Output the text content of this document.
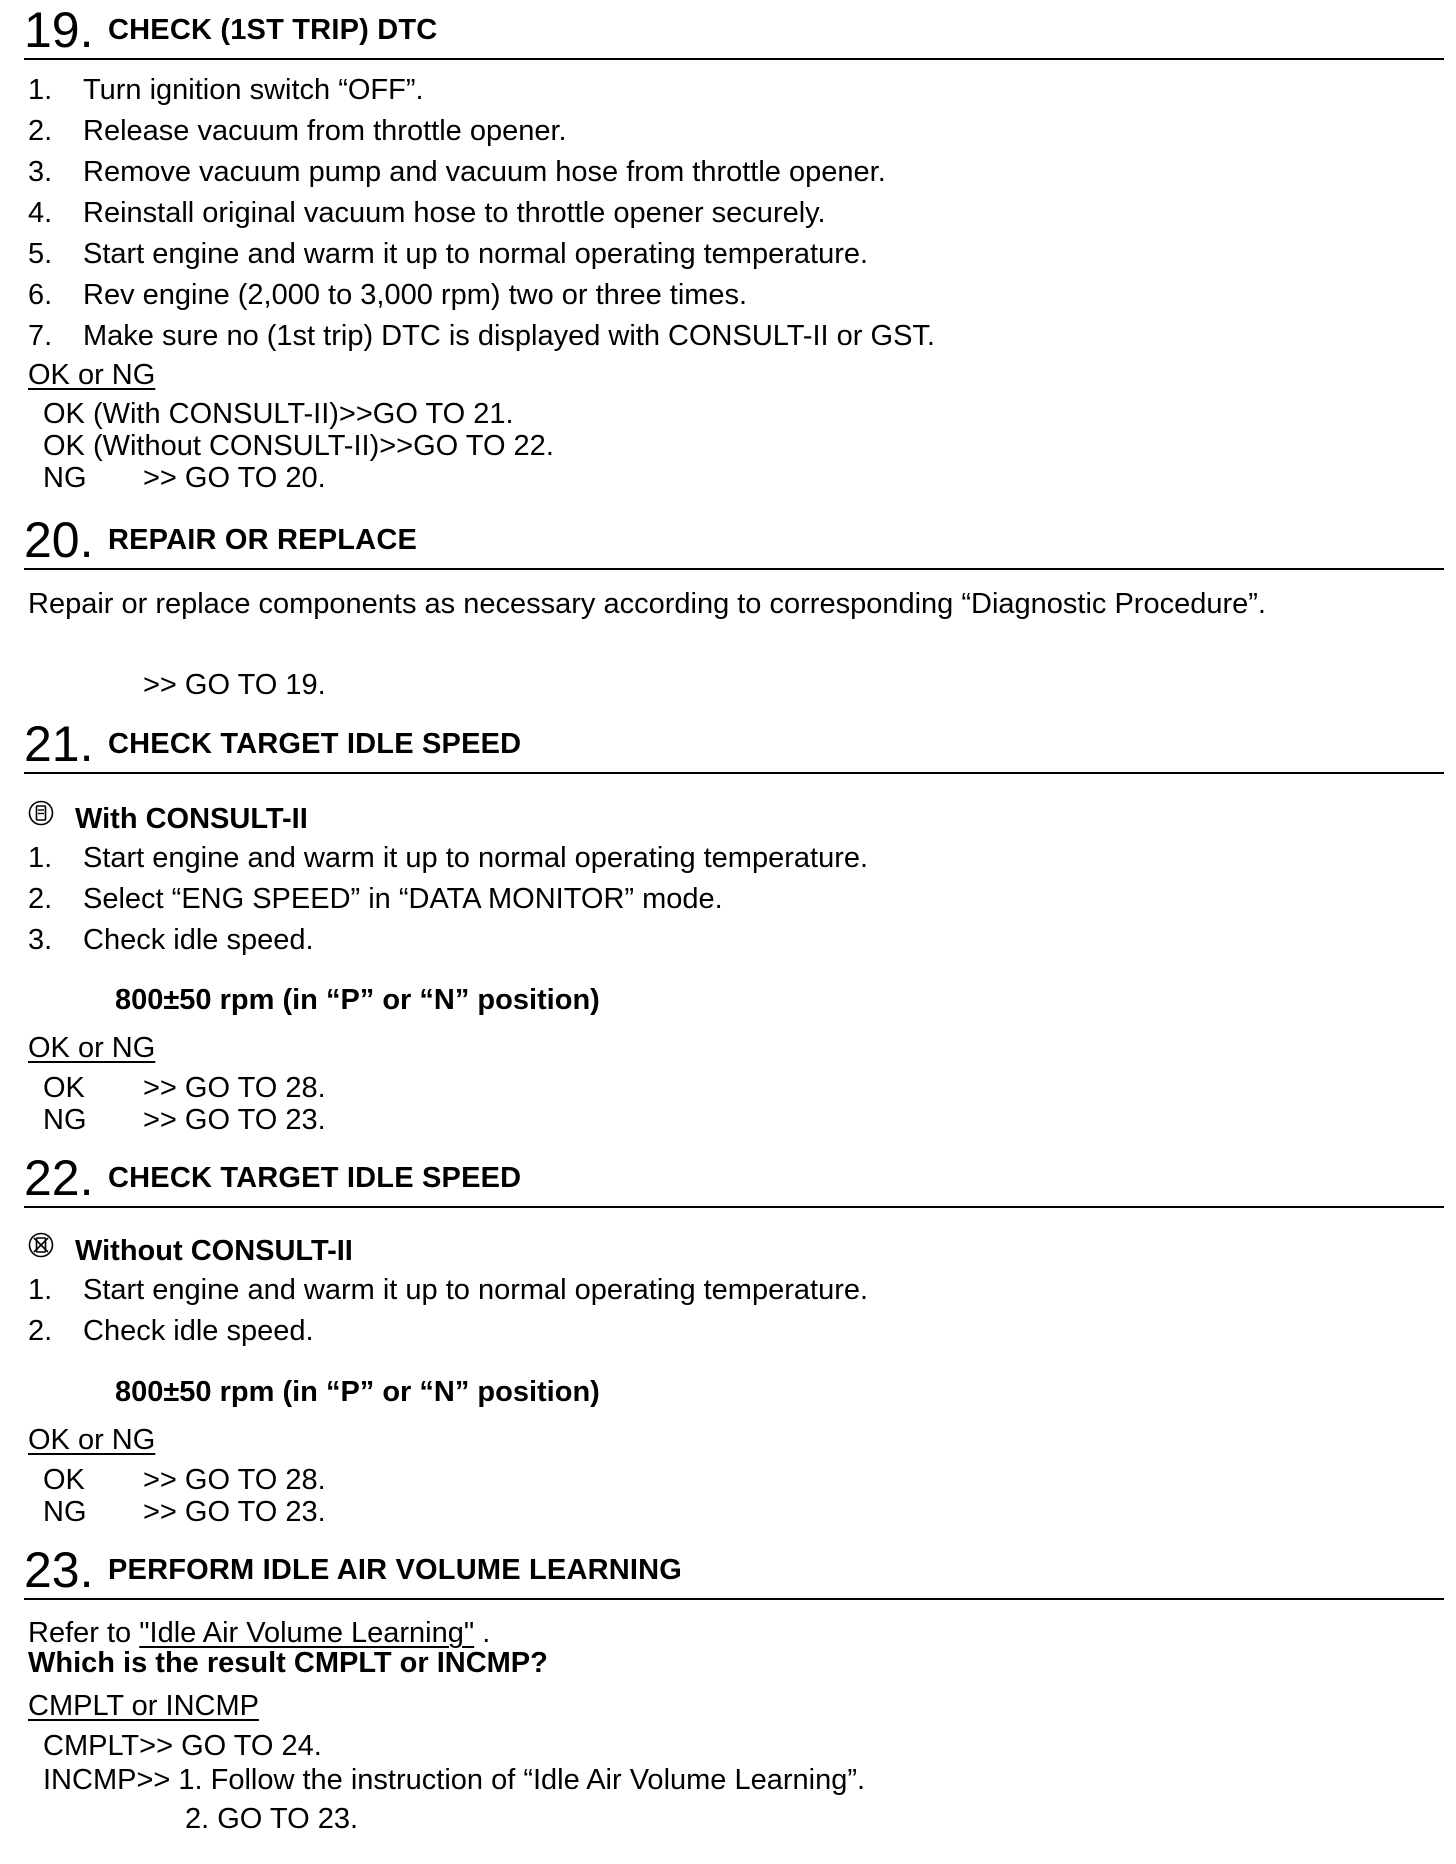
19. CHECK (1ST TRIP) DTC
1.	Turn ignition switch “OFF”.
2.	Release vacuum from throttle opener.
3.	Remove vacuum pump and vacuum hose from throttle opener.
4.	Reinstall original vacuum hose to throttle opener securely.
5.	Start engine and warm it up to normal operating temperature.
6.	Rev engine (2,000 to 3,000 rpm) two or three times.
7.	Make sure no (1st trip) DTC is displayed with CONSULT-II or GST.
OK or NG
OK (With CONSULT-II)>>GO TO 21.
OK (Without CONSULT-II)>>GO TO 22.
NG >> GO TO 20.
20. REPAIR OR REPLACE
Repair or replace components as necessary according to corresponding “Diagnostic Procedure”.
>> GO TO 19.
21. CHECK TARGET IDLE SPEED
With CONSULT-II
1.	Start engine and warm it up to normal operating temperature.
2.	Select “ENG SPEED” in “DATA MONITOR” mode.
3.	Check idle speed.
800±50 rpm (in “P” or “N” position)
OK or NG
OK >> GO TO 28.
NG >> GO TO 23.
22. CHECK TARGET IDLE SPEED
Without CONSULT-II
1.	Start engine and warm it up to normal operating temperature.
2.	Check idle speed.
800±50 rpm (in “P” or “N” position)
OK or NG
OK >> GO TO 28.
NG >> GO TO 23.
23. PERFORM IDLE AIR VOLUME LEARNING
Refer to "Idle Air Volume Learning" .
Which is the result CMPLT or INCMP?
CMPLT or INCMP
CMPLT>> GO TO 24.
INCMP>> 1. Follow the instruction of “Idle Air Volume Learning”.
2. GO TO 23.
